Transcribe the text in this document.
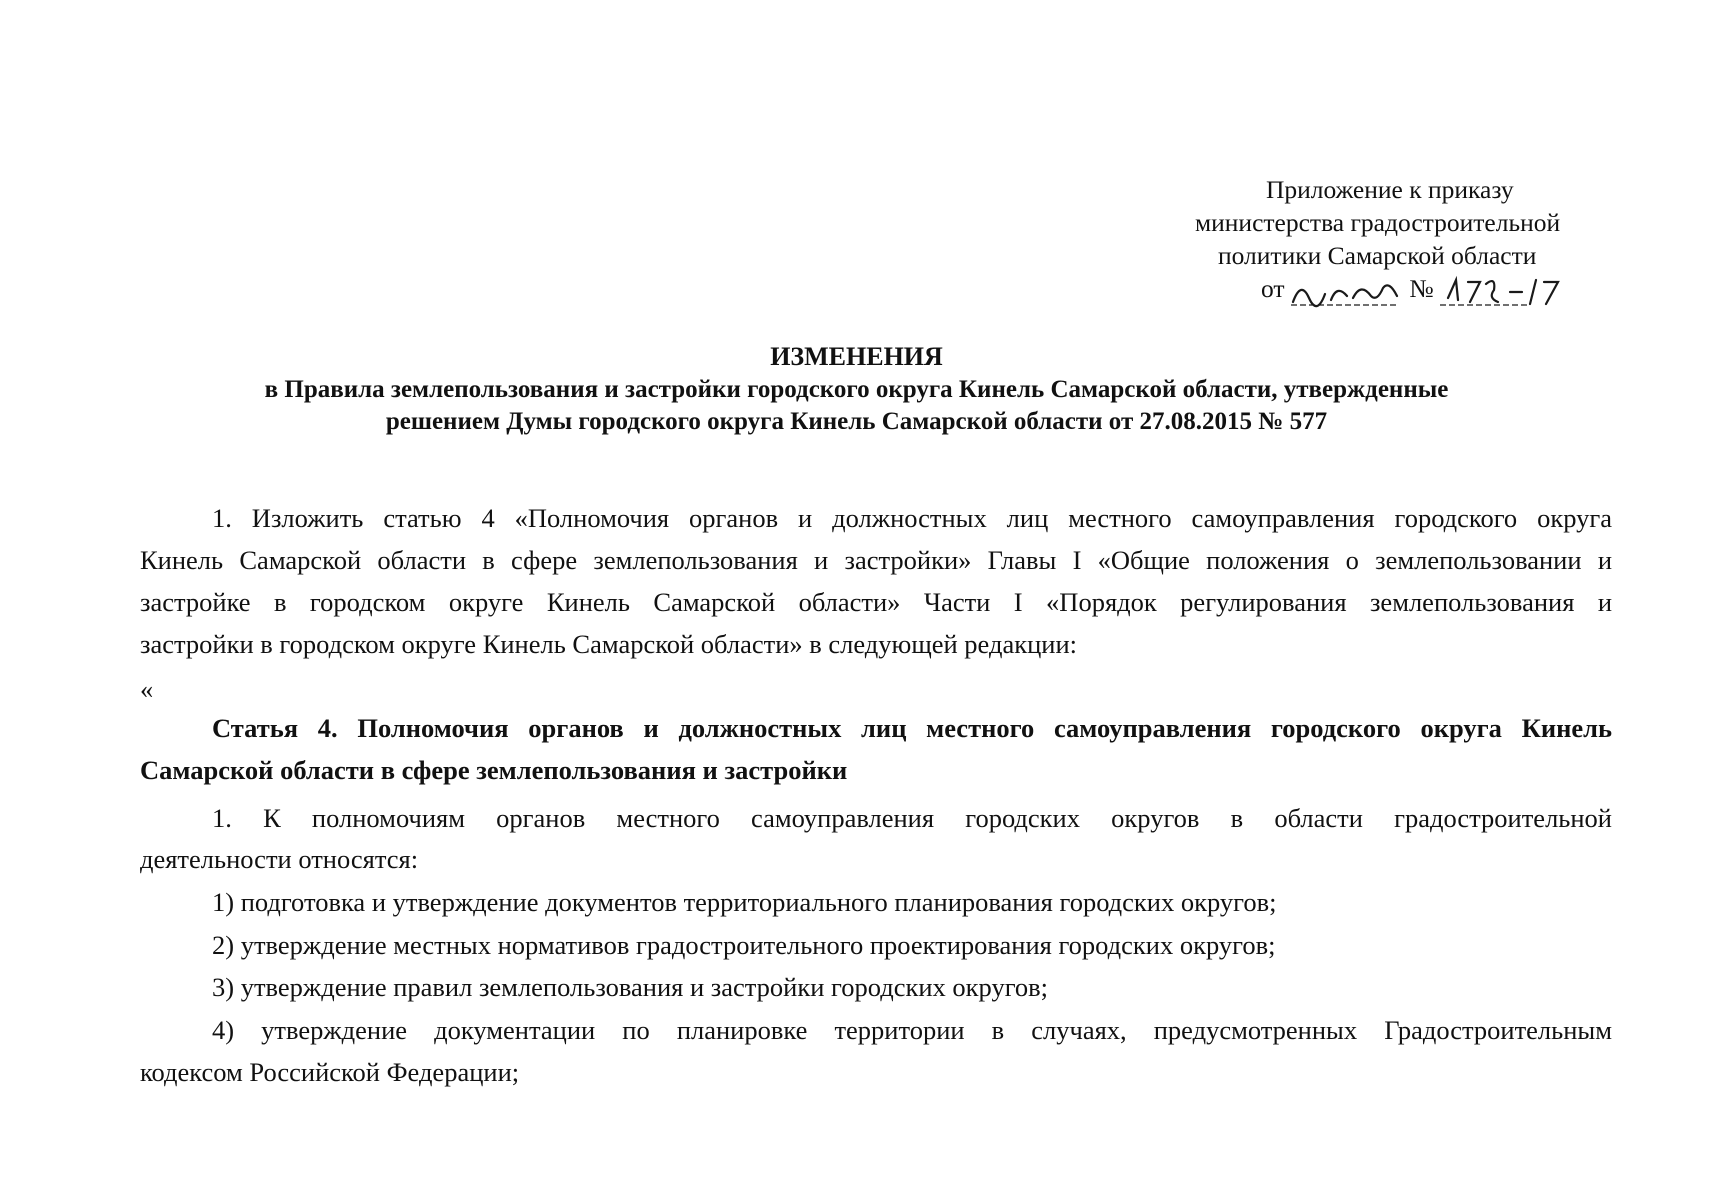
Приложение к приказу
министерства градостроительной
политики Самарской области
от	№
ИЗМЕНЕНИЯ
в Правила землепользования и застройки городского округа Кинель Самарской области, утвержденные
решением Думы городского округа Кинель Самарской области от 27.08.2015 № 577
1. Изложить статью 4 «Полномочия органов и должностных лиц местного самоуправления городского округа
Кинель Самарской области в сфере землепользования и застройки» Главы I «Общие положения о землепользовании и
застройке в городском округе Кинель Самарской области» Части I «Порядок регулирования землепользования и
застройки в городском округе Кинель Самарской области» в следующей редакции:
«
Статья 4. Полномочия органов и должностных лиц местного самоуправления городского округа Кинель
Самарской области в сфере землепользования и застройки
1. К полномочиям органов местного самоуправления городских округов в области градостроительной
деятельности относятся:
1) подготовка и утверждение документов территориального планирования городских округов;
2) утверждение местных нормативов градостроительного проектирования городских округов;
3) утверждение правил землепользования и застройки городских округов;
4) утверждение документации по планировке территории в случаях, предусмотренных Градостроительным
кодексом Российской Федерации;
